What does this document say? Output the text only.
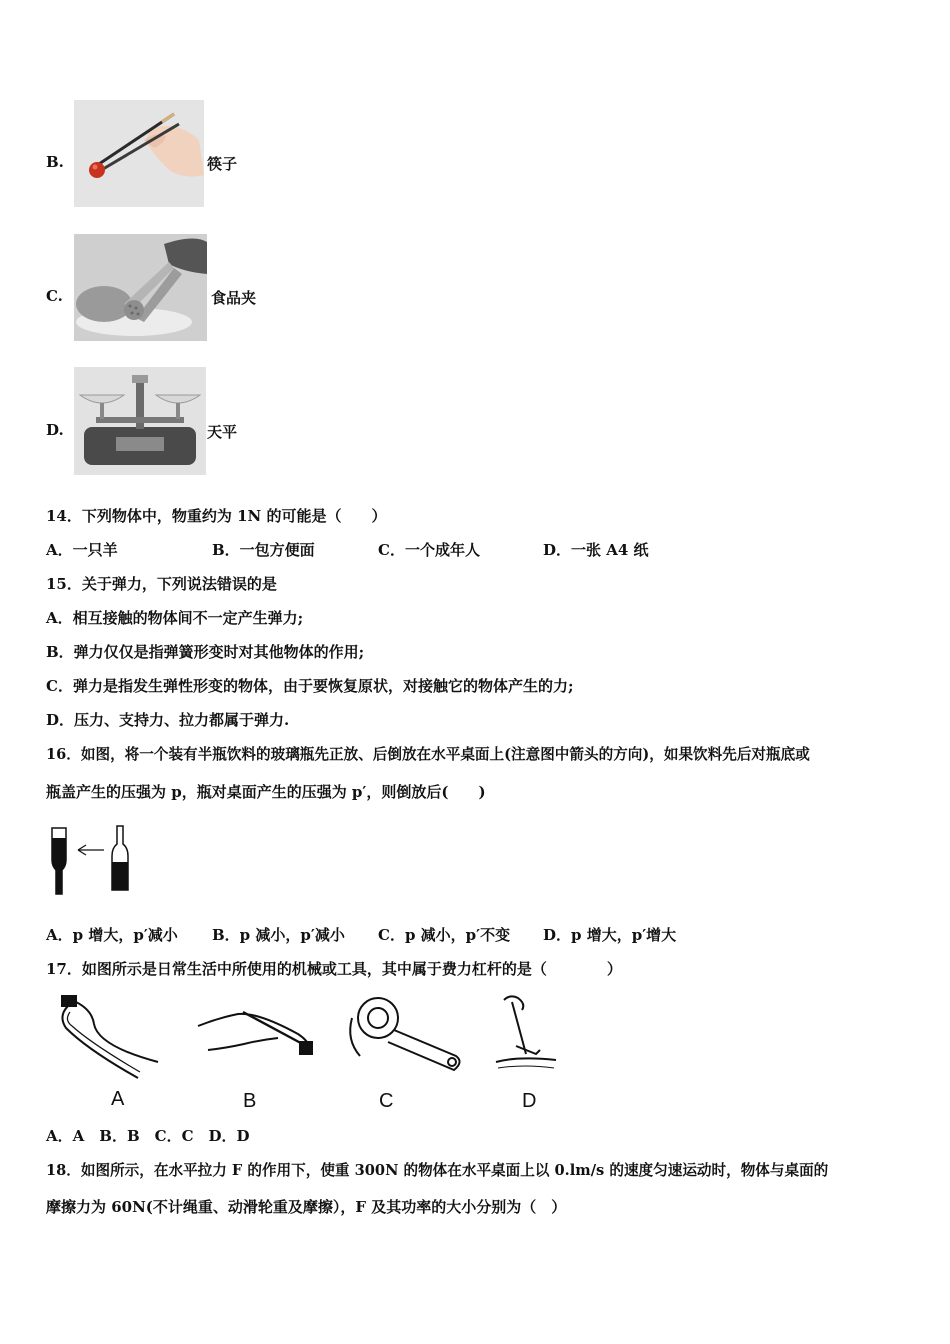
B.	筷子
C.	食品夹
D.	天平
14．下列物体中，物重约为 1N 的可能是（　　）
A．一只羊	B．一包方便面	C．一个成年人	D．一张 A4 纸
15．关于弹力，下列说法错误的是
A．相互接触的物体间不一定产生弹力;
B．弹力仅仅是指弹簧形变时对其他物体的作用;
C．弹力是指发生弹性形变的物体，由于要恢复原状，对接触它的物体产生的力;
D．压力、支持力、拉力都属于弹力.
16．如图，将一个装有半瓶饮料的玻璃瓶先正放、后倒放在水平桌面上(注意图中箭头的方向)，如果饮料先后对瓶底或
瓶盖产生的压强为 p，瓶对桌面产生的压强为 p′，则倒放后(　　)
A．p 增大，p′减小 B．p 减小，p′减小 C．p 减小，p′不变 D．p 增大，p′增大
17．如图所示是日常生活中所使用的机械或工具，其中属于费力杠杆的是（　　　　）
A	B	C	D
A．A　B．B　C．C　D．D
18．如图所示，在水平拉力 F 的作用下，使重 300N 的物体在水平桌面上以 0.lm/s 的速度匀速运动时，物体与桌面的
摩擦力为 60N(不计绳重、动滑轮重及摩擦），F 及其功率的大小分别为（　）
